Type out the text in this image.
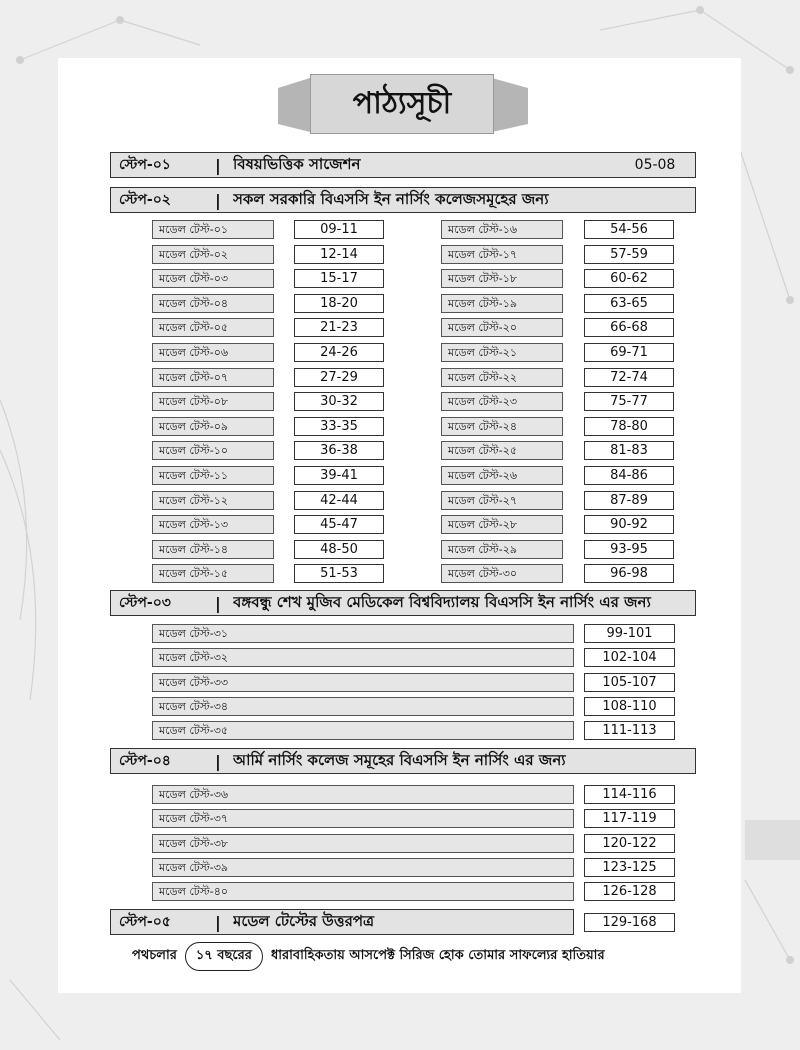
পাঠ্যসূচী
স্টেপ-০১	| বিষয়ভিত্তিক সাজেশন	05-08
স্টেপ-০২	| সকল সরকারি বিএসসি ইন নার্সিং কলেজসমূহের জন্য
মডেল টেস্ট-০১	09-11
মডেল টেস্ট-০২	12-14
মডেল টেস্ট-০৩	15-17
মডেল টেস্ট-০৪	18-20
মডেল টেস্ট-০৫	21-23
মডেল টেস্ট-০৬	24-26
মডেল টেস্ট-০৭	27-29
মডেল টেস্ট-০৮	30-32
মডেল টেস্ট-০৯	33-35
মডেল টেস্ট-১০	36-38
মডেল টেস্ট-১১	39-41
মডেল টেস্ট-১২	42-44
মডেল টেস্ট-১৩	45-47
মডেল টেস্ট-১৪	48-50
মডেল টেস্ট-১৫	51-53
মডেল টেস্ট-১৬	54-56
মডেল টেস্ট-১৭	57-59
মডেল টেস্ট-১৮	60-62
মডেল টেস্ট-১৯	63-65
মডেল টেস্ট-২০	66-68
মডেল টেস্ট-২১	69-71
মডেল টেস্ট-২২	72-74
মডেল টেস্ট-২৩	75-77
মডেল টেস্ট-২৪	78-80
মডেল টেস্ট-২৫	81-83
মডেল টেস্ট-২৬	84-86
মডেল টেস্ট-২৭	87-89
মডেল টেস্ট-২৮	90-92
মডেল টেস্ট-২৯	93-95
মডেল টেস্ট-৩০	96-98
স্টেপ-০৩	| বঙ্গবন্ধু শেখ মুজিব মেডিকেল বিশ্ববিদ্যালয় বিএসসি ইন নার্সিং এর জন্য
মডেল টেস্ট-৩১	99-101
মডেল টেস্ট-৩২	102-104
মডেল টেস্ট-৩৩	105-107
মডেল টেস্ট-৩৪	108-110
মডেল টেস্ট-৩৫	111-113
স্টেপ-০৪	| আর্মি নার্সিং কলেজ সমূহের বিএসসি ইন নার্সিং এর জন্য
মডেল টেস্ট-৩৬	114-116
মডেল টেস্ট-৩৭	117-119
মডেল টেস্ট-৩৮	120-122
মডেল টেস্ট-৩৯	123-125
মডেল টেস্ট-৪০	126-128
স্টেপ-০৫	| মডেল টেস্টের উত্তরপত্র	129-168
পথচলার	১৭ বছরের	ধারাবাহিকতায় আসপেক্ট সিরিজ হোক তোমার সাফল্যের হাতিয়ার
